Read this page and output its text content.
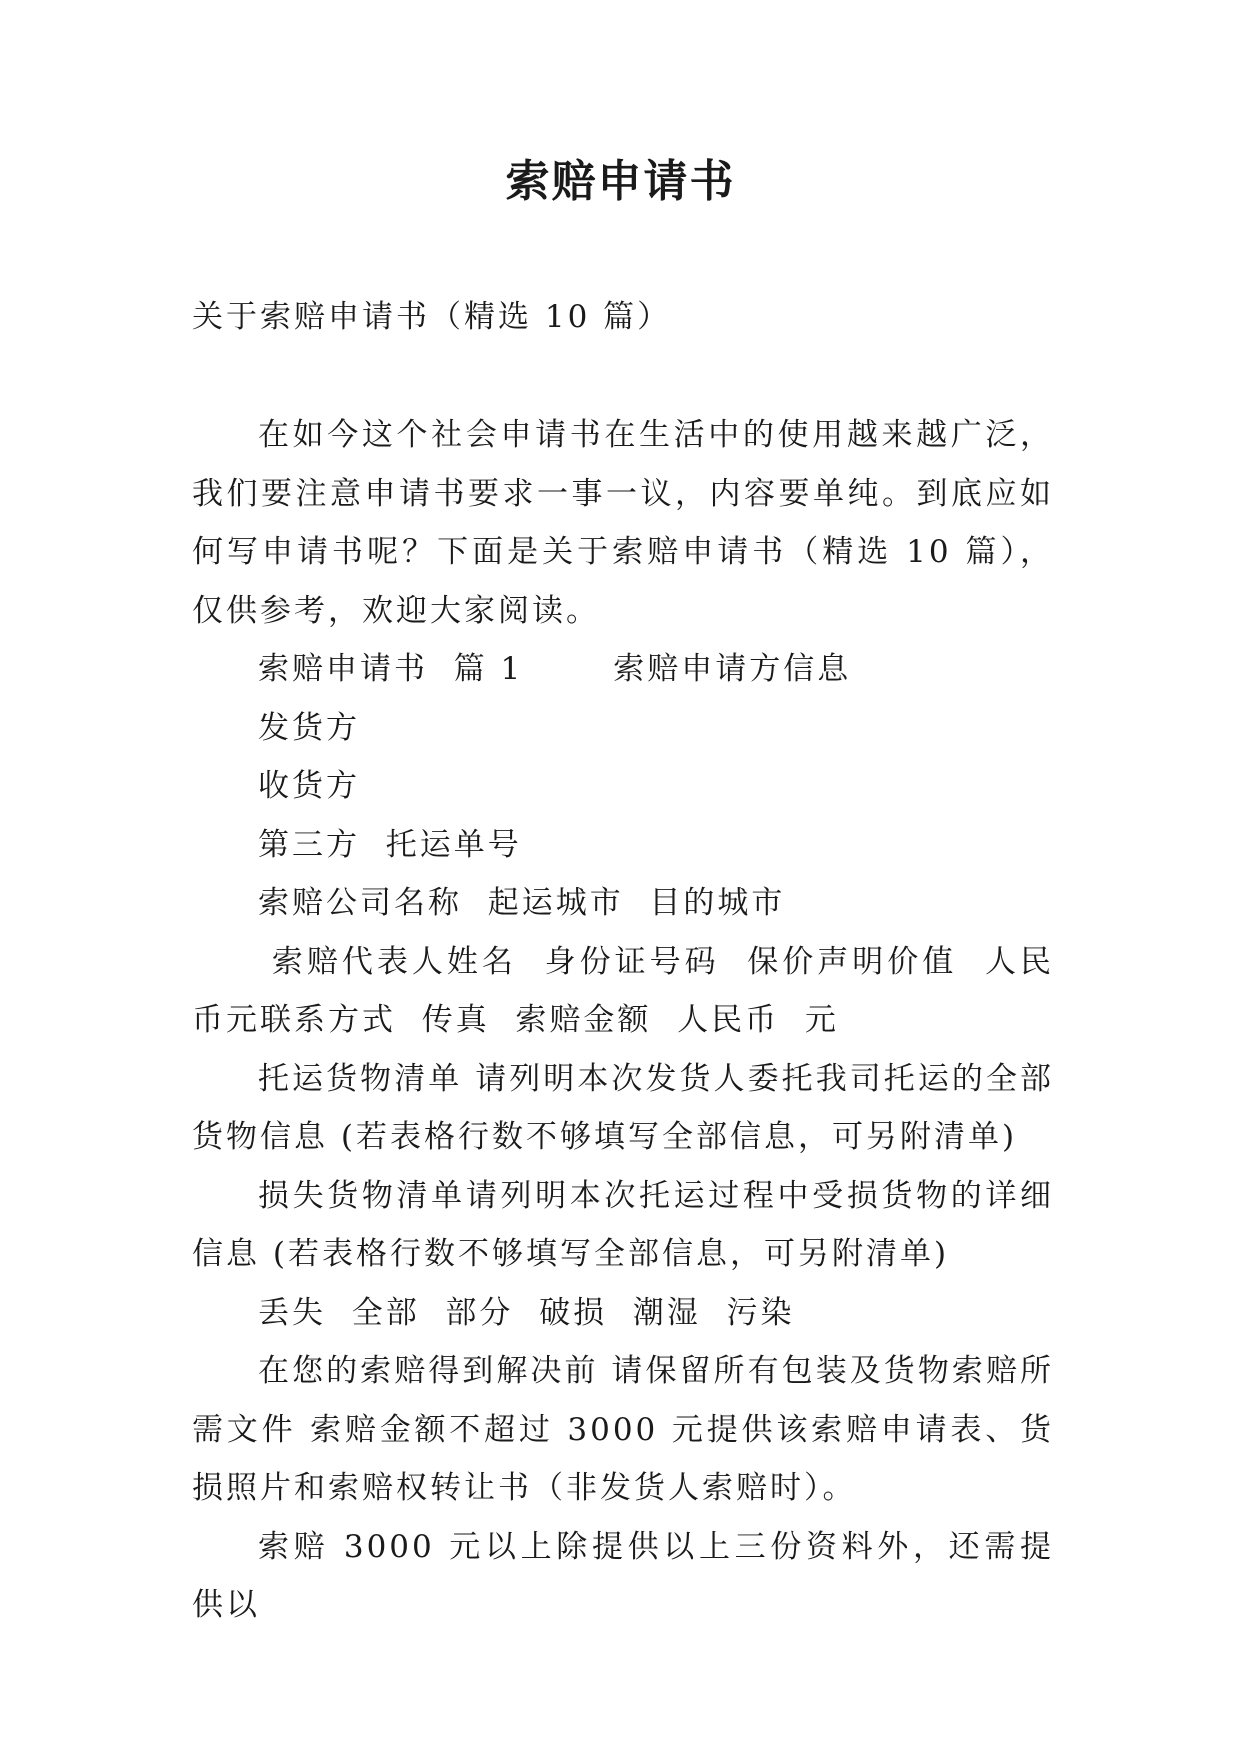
索赔申请书

关于索赔申请书（精选 10 篇）

在如今这个社会申请书在生活中的使用越来越广泛，我们要注意申请书要求一事一议，内容要单纯。到底应如何写申请书呢？下面是关于索赔申请书（精选 10 篇），仅供参考，欢迎大家阅读。

索赔申请书  篇 1       索赔申请方信息

发货方

收货方

第三方  托运单号

索赔公司名称  起运城市  目的城市

索赔代表人姓名  身份证号码  保价声明价值  人民币元联系方式  传真  索赔金额  人民币  元

托运货物清单 请列明本次发货人委托我司托运的全部货物信息 (若表格行数不够填写全部信息，可另附清单)

损失货物清单请列明本次托运过程中受损货物的详细信息 (若表格行数不够填写全部信息，可另附清单)

丢失  全部  部分  破损  潮湿  污染

在您的索赔得到解决前 请保留所有包装及货物索赔所需文件 索赔金额不超过 3000 元提供该索赔申请表、货损照片和索赔权转让书（非发货人索赔时）。

索赔 3000 元以上除提供以上三份资料外，还需提供以
